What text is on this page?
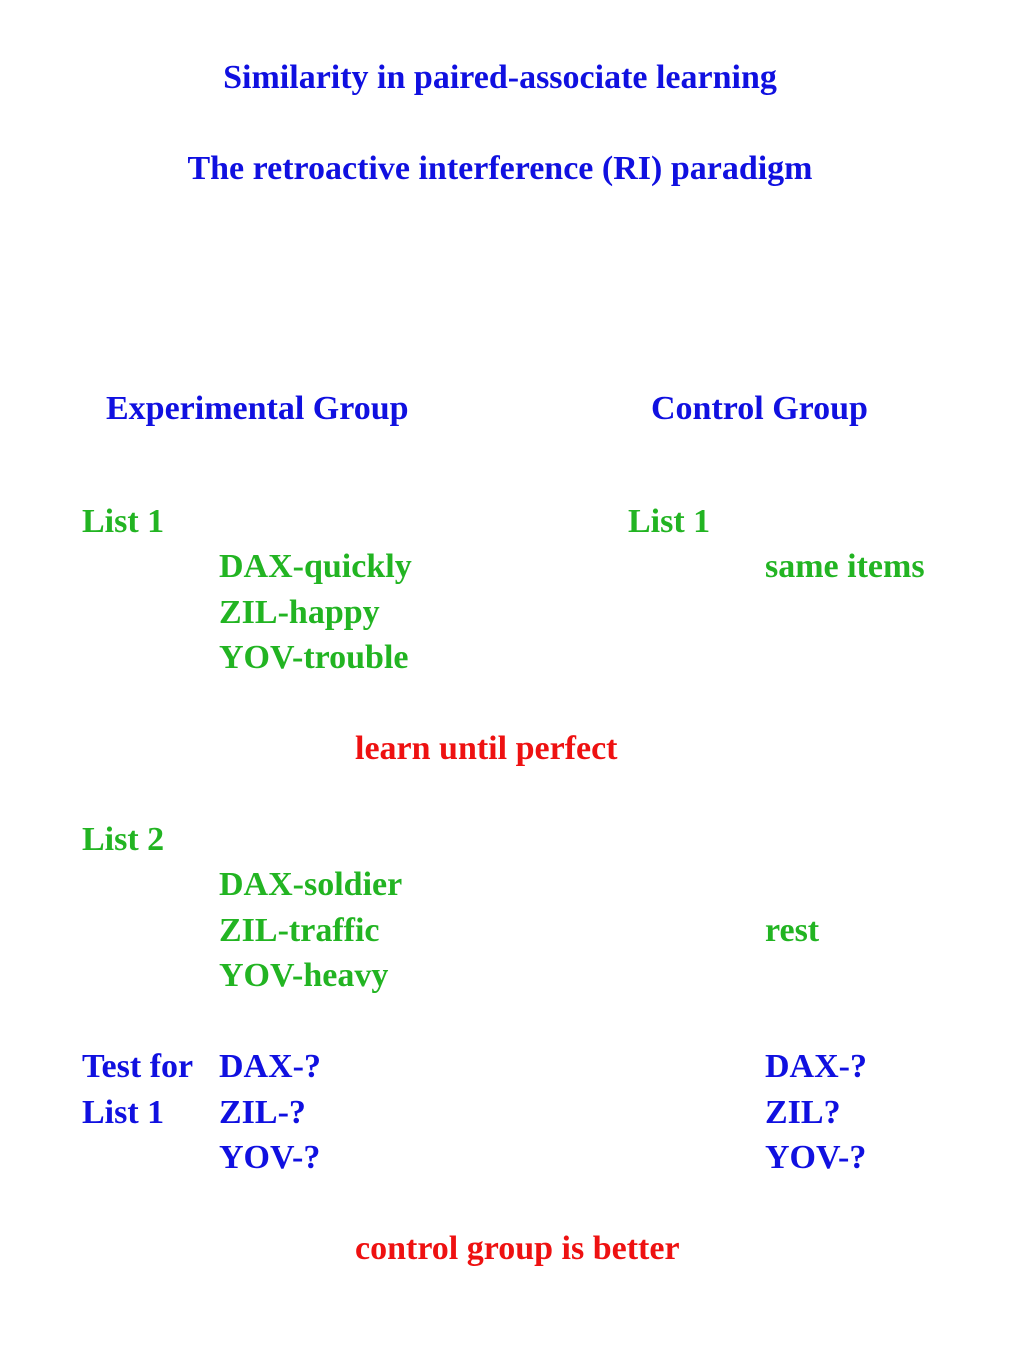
Similarity in paired-associate learning
The retroactive interference (RI) paradigm
Experimental Group	Control Group
List 1
DAX-quickly
ZIL-happy
YOV-trouble
List 1
same items
learn until perfect
List 2
DAX-soldier
ZIL-traffic
YOV-heavy
rest
Test for
List 1
DAX-?
ZIL-?
YOV-?
DAX-?
ZIL?
YOV-?
control group is better
